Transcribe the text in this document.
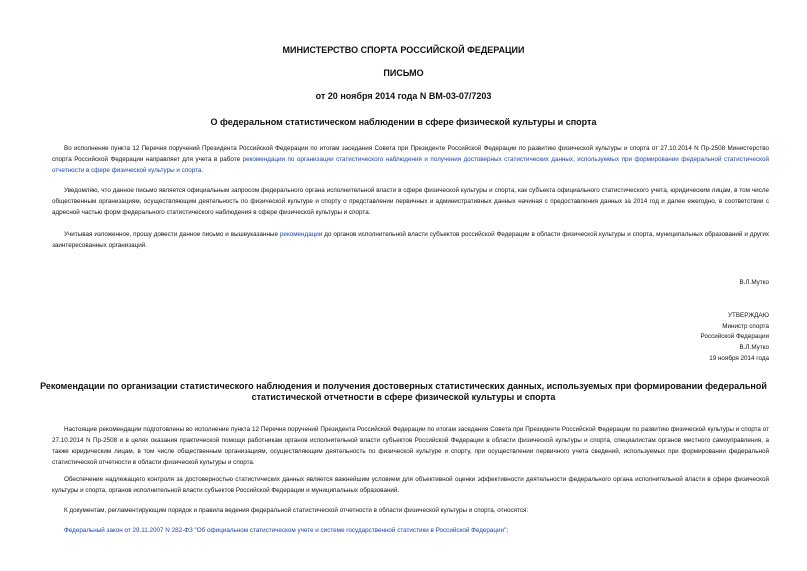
МИНИСТЕРСТВО СПОРТА РОССИЙСКОЙ ФЕДЕРАЦИИ
ПИСЬМО
от 20 ноября 2014 года N ВМ-03-07/7203
О федеральном статистическом наблюдении в сфере физической культуры и спорта
Во исполнение пункта 12 Перечня поручений Президента Российской Федерации по итогам заседания Совета при Президенте Российской Федерации по развитию физической культуры и спорта от 27.10.2014 N Пр-2508 Министерство спорта Российской Федерации направляет для учета в работе рекомендации по организации статистического наблюдения и получения достоверных статистических данных, используемых при формировании федеральной статистической отчетности в сфере физической культуры и спорта.
Уведомляю, что данное письмо является официальным запросом федерального органа исполнительной власти в сфере физической культуры и спорта, как субъекта официального статистического учета, юридическим лицам, в том числе общественным организациям, осуществляющим деятельность по физической культуре и спорту о представлении первичных и административных данных начиная с предоставления данных за 2014 год и далее ежегодно, в соответствии с адресной частью форм федерального статистического наблюдения в сфере физической культуры и спорта.
Учитывая изложенное, прошу довести данное письмо и вышеуказанные рекомендации до органов исполнительной власти субъектов российской Федерации в области физической культуры и спорта, муниципальных образований и других заинтересованных организаций.
В.Л.Мутко
УТВЕРЖДАЮ
Министр спорта
Российской Федерации
В.Л.Мутко
19 ноября 2014 года
Рекомендации по организации статистического наблюдения и получения достоверных статистических данных, используемых при формировании федеральной статистической отчетности в сфере физической культуры и спорта
Настоящие рекомендации подготовлены во исполнение пункта 12 Перечня поручений Президента Российской Федерации по итогам заседания Совета при Президенте Российской Федерации по развитию физической культуры и спорта от 27.10.2014 N Пр-2508 и в целях оказания практической помощи работникам органов исполнительной власти субъектов Российской Федерации в области физической культуры и спорта, специалистам органов местного самоуправления, а также юридическим лицам, в том числе общественным организациям, осуществляющим деятельность по физической культуре и спорту, при осуществлении первичного учета сведений, используемых при формировании федеральной статистической отчетности в области физической культуры и спорта.
Обеспечение надлежащего контроля за достоверностью статистических данных является важнейшим условием для объективной оценки эффективности деятельности федерального органа исполнительной власти в сфере физической культуры и спорта, органов исполнительной власти субъектов Российской Федерации и муниципальных образований.
К документам, регламентирующим порядок и правила ведения федеральной статистической отчетности в области физической культуры и спорта, относятся:
Федеральный закон от 29.11.2007 N 282-ФЗ "Об официальном статистическом учете и системе государственной статистики в Российской Федерации";
